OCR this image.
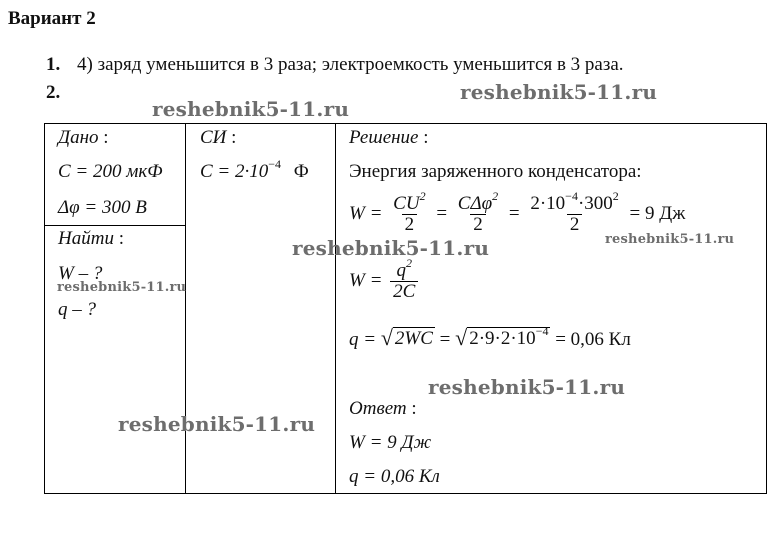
Вариант 2
1. 4) заряд уменьшится в 3 раза; электроемкость уменьшится в 3 раза.
2.
Дано :
C = 200 мкФ
Δφ = 300 В
Найти :
W – ?
q – ?
СИ :
$C = 2\cdot 10^{-4}$ Ф
Решение :
Энергия заряженного конденсатора:
$W = \frac{CU^2}{2} = \frac{C\Delta\varphi^2}{2} = \frac{2\cdot 10^{-4}\cdot 300^2}{2} = 9$ Дж
$W = \frac{q^2}{2C}$
q = √ 2WC = √ $2\cdot 9\cdot 2\cdot 10^{-4} = 0,06$ Кл
Ответ :
W = 9 Дж
q = 0,06 Кл
reshebnik5-11.ru
reshebnik5-11.ru
reshebnik5-11.ru	reshebnik5-11.ru
reshebnik5-11.ru
reshebnik5-11.ru
reshebnik5-11.ru
